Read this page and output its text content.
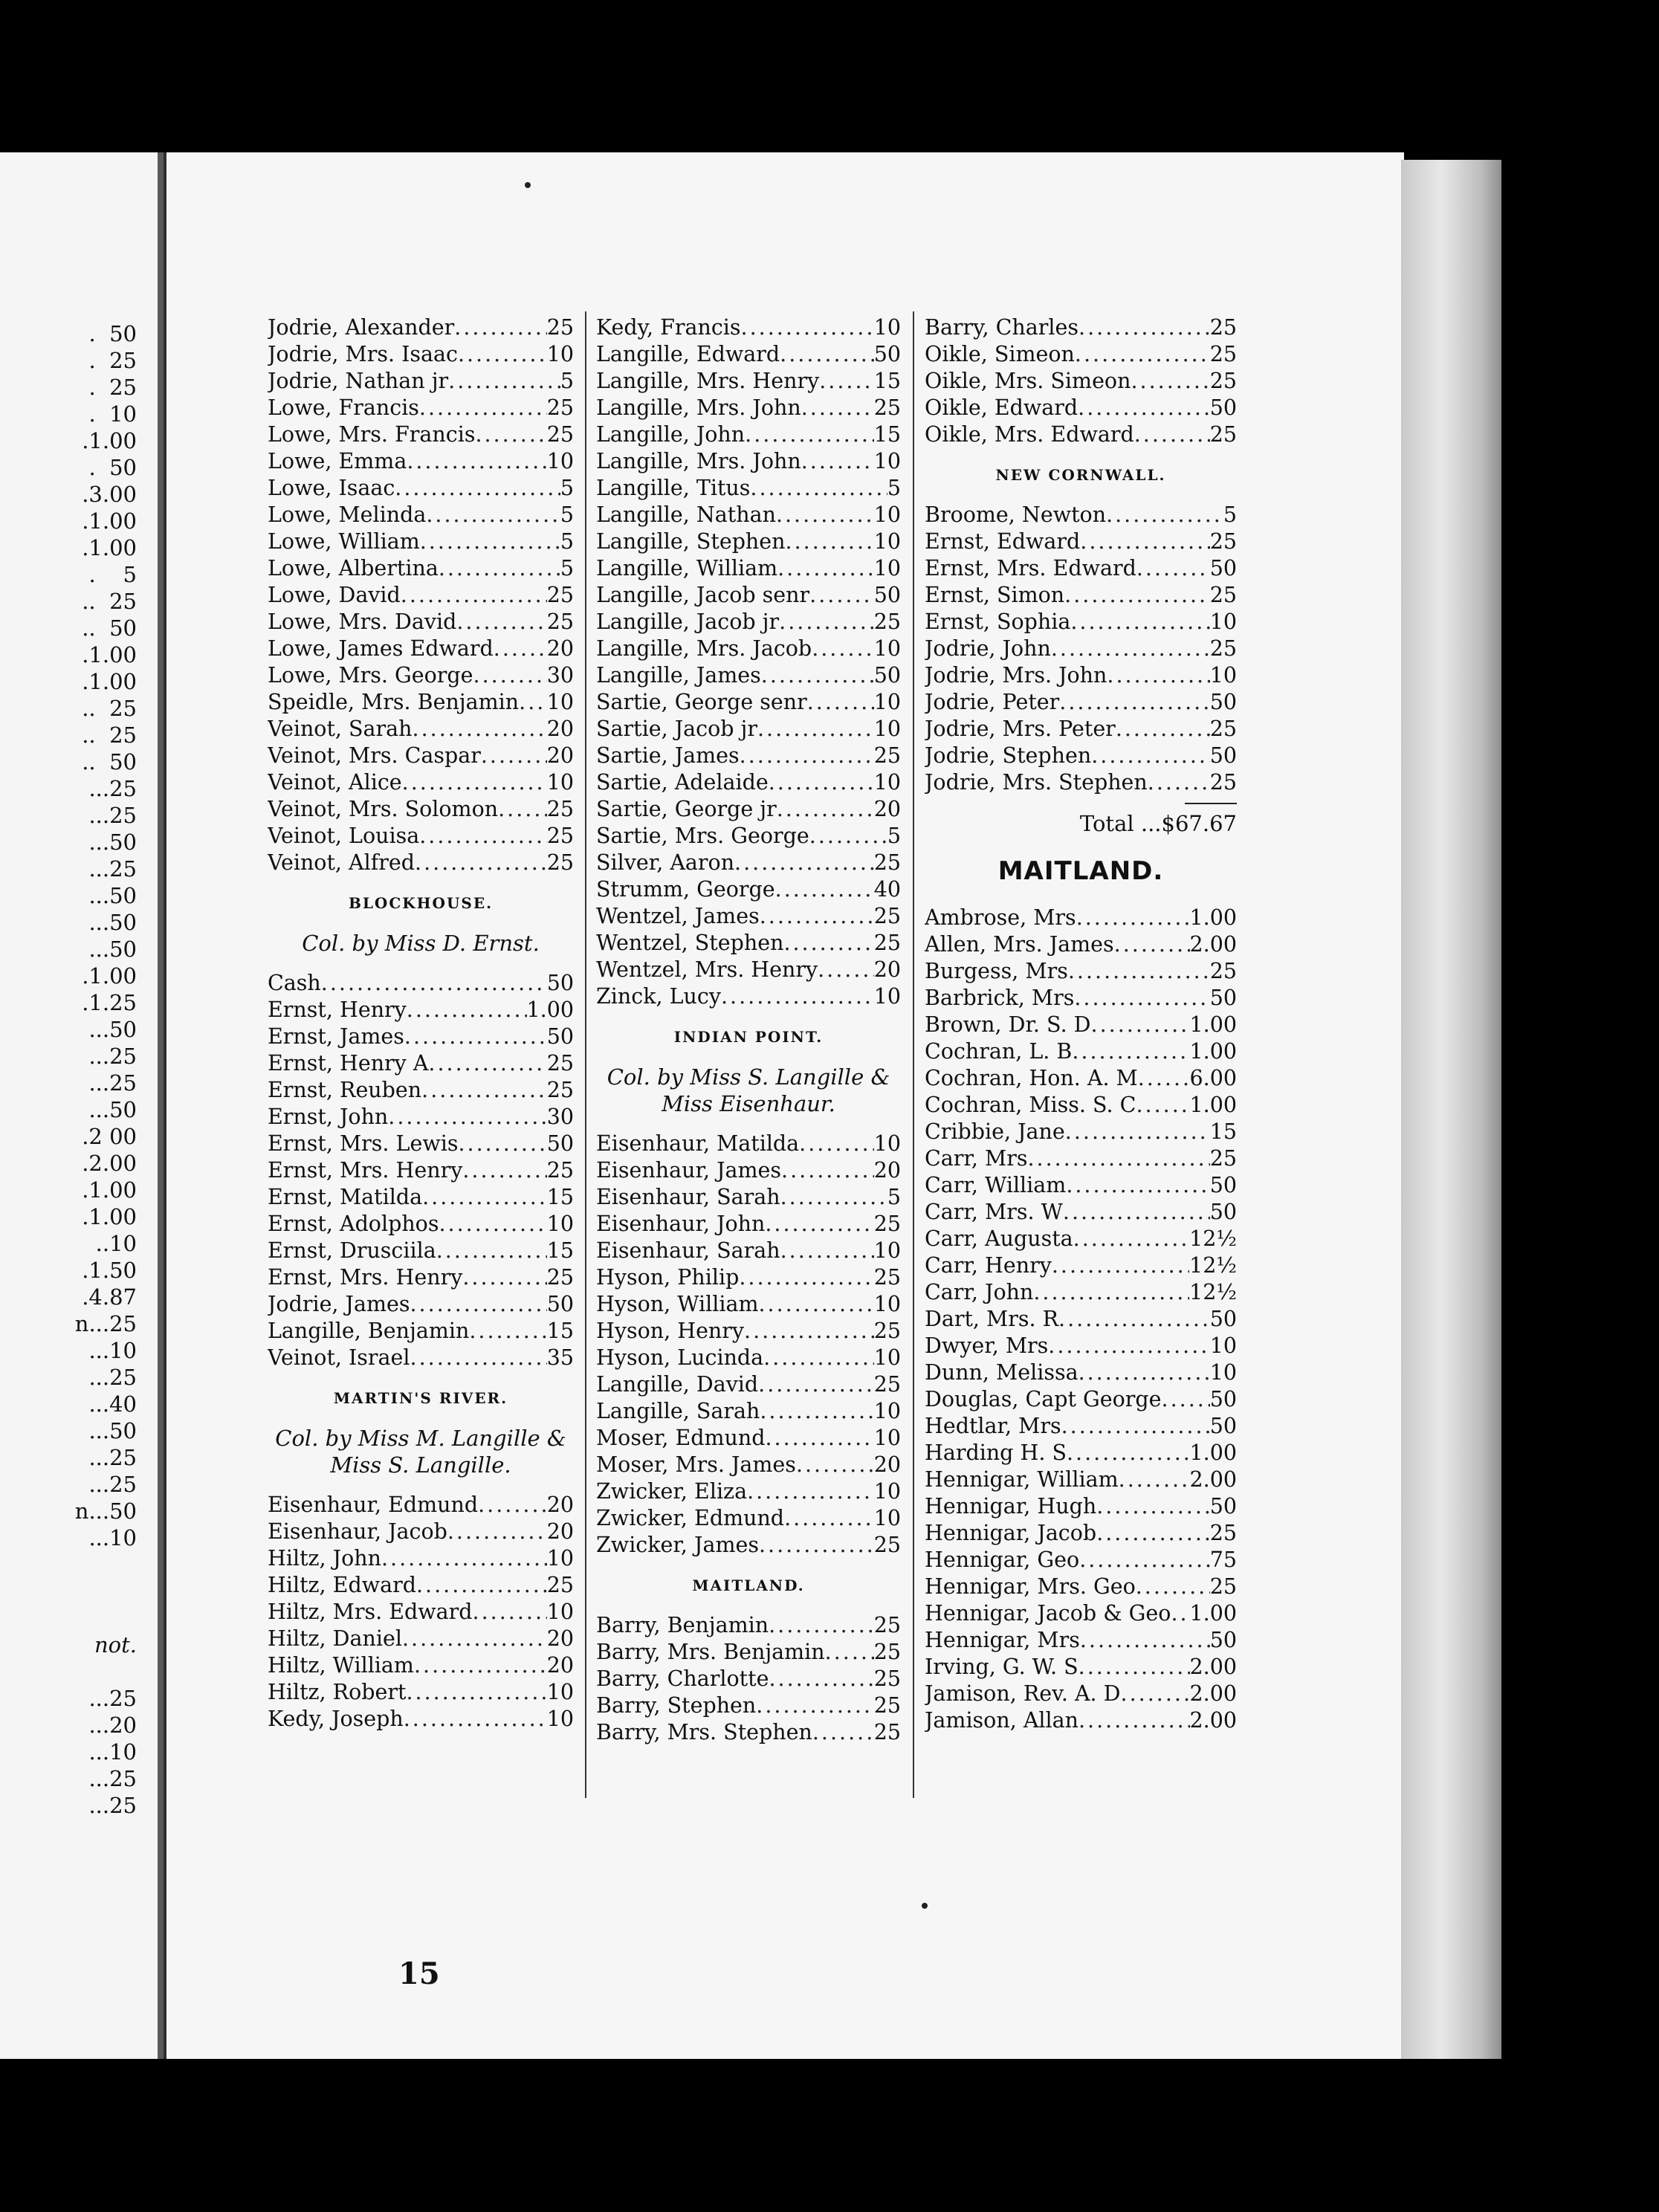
.  50
.  25
.  25
.  10
.1.00
.  50
.3.00
.1.00
.1.00
.    5
..  25
..  50
.1.00
.1.00
..  25
..  25
..  50
...25
...25
...50
...25
...50
...50
...50
.1.00
.1.25
...50
...25
...25
...50
.2 00
.2.00
.1.00
.1.00
..10
.1.50
.4.87
n...25
...10
...25
...40
...50
...25
...25
n...50
...10
not.
...25
...20
...10
...25
...25
Jodrie, Alexander .....	25
Jodrie, Mrs. Isaac .....	10
Jodrie, Nathan jr .....	5
Lowe, Francis .....	25
Lowe, Mrs. Francis .....	25
Lowe, Emma .....	10
Lowe, Isaac .....	5
Lowe, Melinda .....	5
Lowe, William .....	5
Lowe, Albertina .....	5
Lowe, David .....	25
Lowe, Mrs. David .....	25
Lowe, James Edward .....	20
Lowe, Mrs. George .....	30
Speidle, Mrs. Benjamin ..... 10
Veinot, Sarah .....	20
Veinot, Mrs. Caspar .....	20
Veinot, Alice .....	10
Veinot, Mrs. Solomon ..... 25
Veinot, Louisa .....	25
Veinot, Alfred .....	25
BLOCKHOUSE.
Col. by Miss D. Ernst.
Cash .....	50
Ernst, Henry .....	1.00
Ernst, James .....	50
Ernst, Henry A .....	25
Ernst, Reuben .....	25
Ernst, John .....	30
Ernst, Mrs. Lewis .....	50
Ernst, Mrs. Henry .....	25
Ernst, Matilda .....	15
Ernst, Adolphos .....	10
Ernst, Drusciila .....	15
Ernst, Mrs. Henry .....	25
Jodrie, James .....	50
Langille, Benjamin .....	15
Veinot, Israel .....	35
MARTIN'S RIVER.
Col. by Miss M. Langille &
Miss S. Langille.
Eisenhaur, Edmund .....	20
Eisenhaur, Jacob .....	20
Hiltz, John .....	10
Hiltz, Edward .....	25
Hiltz, Mrs. Edward .....	10
Hiltz, Daniel .....	20
Hiltz, William .....	20
Hiltz, Robert .....	10
Kedy, Joseph .....	10
Kedy, Francis .....	10
Langille, Edward .....	50
Langille, Mrs. Henry .....	15
Langille, Mrs. John .....	25
Langille, John .....	15
Langille, Mrs. John .....	10
Langille, Titus .....	5
Langille, Nathan .....	10
Langille, Stephen .....	10
Langille, William .....	10
Langille, Jacob senr .....	50
Langille, Jacob jr .....	25
Langille, Mrs. Jacob .....	10
Langille, James .....	50
Sartie, George senr .....	10
Sartie, Jacob jr .....	10
Sartie, James .....	25
Sartie, Adelaide .....	10
Sartie, George jr .....	20
Sartie, Mrs. George .....	5
Silver, Aaron .....	25
Strumm, George .....	40
Wentzel, James .....	25
Wentzel, Stephen .....	25
Wentzel, Mrs. Henry .....	20
Zinck, Lucy .....	10
INDIAN POINT.
Col. by Miss S. Langille &
Miss Eisenhaur.
Eisenhaur, Matilda .....	10
Eisenhaur, James .....	20
Eisenhaur, Sarah .....	5
Eisenhaur, John .....	25
Eisenhaur, Sarah .....	10
Hyson, Philip .....	25
Hyson, William .....	10
Hyson, Henry .....	25
Hyson, Lucinda .....	10
Langille, David .....	25
Langille, Sarah .....	10
Moser, Edmund .....	10
Moser, Mrs. James .....	20
Zwicker, Eliza .....	10
Zwicker, Edmund .....	10
Zwicker, James .....	25
MAITLAND.
Barry, Benjamin .....	25
Barry, Mrs. Benjamin ..... 25
Barry, Charlotte .....	25
Barry, Stephen .....	25
Barry, Mrs. Stephen .....	25
Barry, Charles .....	25
Oikle, Simeon .....	25
Oikle, Mrs. Simeon .....	25
Oikle, Edward .....	50
Oikle, Mrs. Edward .....	25
NEW CORNWALL.
Broome, Newton .....	5
Ernst, Edward .....	25
Ernst, Mrs. Edward .....	50
Ernst, Simon .....	25
Ernst, Sophia .....	10
Jodrie, John .....	25
Jodrie, Mrs. John .....	10
Jodrie, Peter .....	50
Jodrie, Mrs. Peter .....	25
Jodrie, Stephen .....	50
Jodrie, Mrs. Stephen .....	25
Total ...$67.67
MAITLAND.
Ambrose, Mrs .....	1.00
Allen, Mrs. James .....	2.00
Burgess, Mrs .....	25
Barbrick, Mrs .....	50
Brown, Dr. S. D .....	1.00
Cochran, L. B .....	1.00
Cochran, Hon. A. M ..... 6.00
Cochran, Miss. S. C .....	1.00
Cribbie, Jane .....	15
Carr, Mrs .....	25
Carr, William .....	50
Carr, Mrs. W .....	50
Carr, Augusta .....	12½
Carr, Henry .....	12½
Carr, John .....	12½
Dart, Mrs. R .....	50
Dwyer, Mrs .....	10
Dunn, Melissa .....	10
Douglas, Capt George ..... 50
Hedtlar, Mrs .....	50
Harding H. S .....	1.00
Hennigar, William .....	2.00
Hennigar, Hugh .....	50
Hennigar, Jacob .....	25
Hennigar, Geo .....	75
Hennigar, Mrs. Geo .....	25
Hennigar, Jacob & Geo ..... 1.00
Hennigar, Mrs .....	50
Irving, G. W. S .....	2.00
Jamison, Rev. A. D .....	2.00
Jamison, Allan .....	2.00
15
